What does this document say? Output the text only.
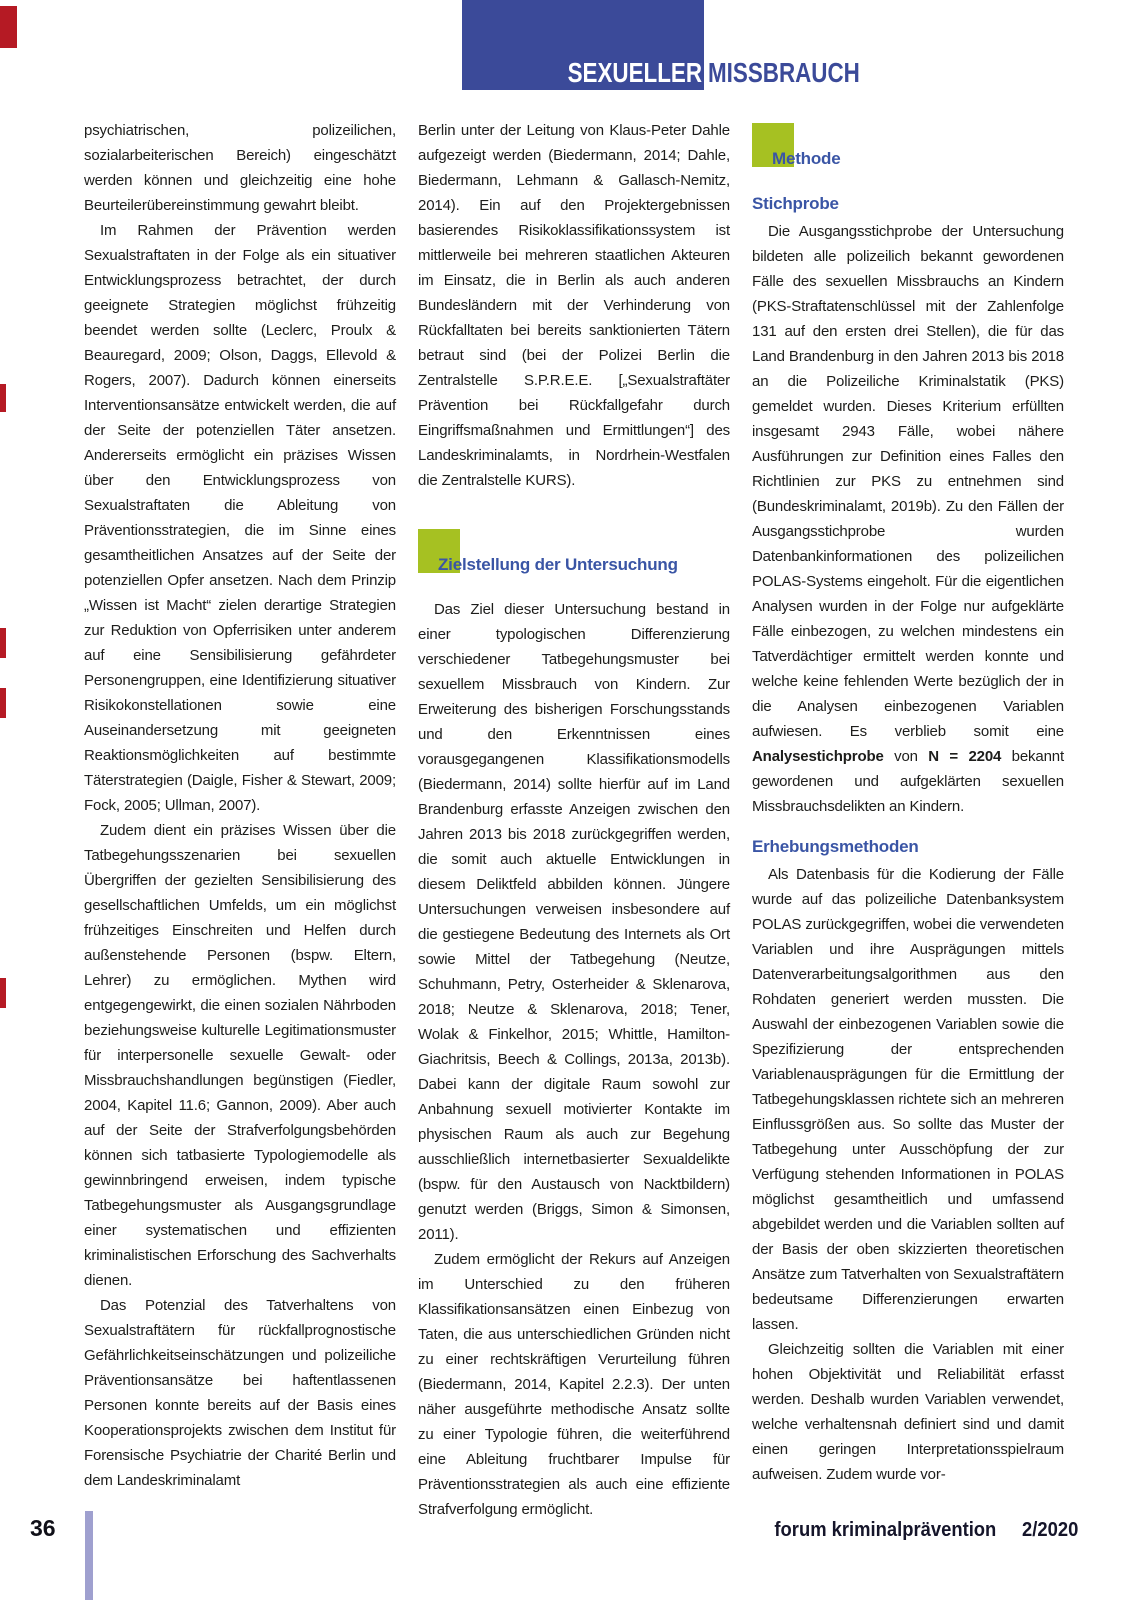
SEXUELLER MISSBRAUCH

psychiatrischen, polizeilichen, sozialarbeiterischen Bereich) eingeschätzt werden können und gleichzeitig eine hohe Beurteilerübereinstimmung gewahrt bleibt.

Im Rahmen der Prävention werden Sexualstraftaten in der Folge als ein situativer Entwicklungsprozess betrachtet, der durch geeignete Strategien möglichst frühzeitig beendet werden sollte (Leclerc, Proulx & Beauregard, 2009; Olson, Daggs, Ellevold & Rogers, 2007). Dadurch können einerseits Interventionsansätze entwickelt werden, die auf der Seite der potenziellen Täter ansetzen. Andererseits ermöglicht ein präzises Wissen über den Entwicklungsprozess von Sexualstraftaten die Ableitung von Präventionsstrategien, die im Sinne eines gesamtheitlichen Ansatzes auf der Seite der potenziellen Opfer ansetzen. Nach dem Prinzip „Wissen ist Macht“ zielen derartige Strategien zur Reduktion von Opferrisiken unter anderem auf eine Sensibilisierung gefährdeter Personengruppen, eine Identifizierung situativer Risikokonstellationen sowie eine Auseinandersetzung mit geeigneten Reaktionsmöglichkeiten auf bestimmte Täterstrategien (Daigle, Fisher & Stewart, 2009; Fock, 2005; Ullman, 2007).

Zudem dient ein präzises Wissen über die Tatbegehungsszenarien bei sexuellen Übergriffen der gezielten Sensibilisierung des gesellschaftlichen Umfelds, um ein möglichst frühzeitiges Einschreiten und Helfen durch außenstehende Personen (bspw. Eltern, Lehrer) zu ermöglichen. Mythen wird entgegengewirkt, die einen sozialen Nährboden beziehungsweise kulturelle Legitimationsmuster für interpersonelle sexuelle Gewalt- oder Missbrauchshandlungen begünstigen (Fiedler, 2004, Kapitel 11.6; Gannon, 2009). Aber auch auf der Seite der Strafverfolgungsbehörden können sich tatbasierte Typologiemodelle als gewinnbringend erweisen, indem typische Tatbegehungsmuster als Ausgangsgrundlage einer systematischen und effizienten kriminalistischen Erforschung des Sachverhalts dienen.

Das Potenzial des Tatverhaltens von Sexualstraftätern für rückfallprognostische Gefährlichkeitseinschätzungen und polizeiliche Präventionsansätze bei haftentlassenen Personen konnte bereits auf der Basis eines Kooperationsprojekts zwischen dem Institut für Forensische Psychiatrie der Charité Berlin und dem Landeskriminalamt

Berlin unter der Leitung von Klaus-Peter Dahle aufgezeigt werden (Biedermann, 2014; Dahle, Biedermann, Lehmann & Gallasch-Nemitz, 2014). Ein auf den Projektergebnissen basierendes Risikoklassifikationssystem ist mittlerweile bei mehreren staatlichen Akteuren im Einsatz, die in Berlin als auch anderen Bundesländern mit der Verhinderung von Rückfalltaten bei bereits sanktionierten Tätern betraut sind (bei der Polizei Berlin die Zentralstelle S.P.R.E.E. [„Sexualstraftäter Prävention bei Rückfallgefahr durch Eingriffsmaßnahmen und Ermittlungen“] des Landeskriminalamts, in Nordrhein-Westfalen die Zentralstelle KURS).

Zielstellung der Untersuchung

Das Ziel dieser Untersuchung bestand in einer typologischen Differenzierung verschiedener Tatbegehungsmuster bei sexuellem Missbrauch von Kindern. Zur Erweiterung des bisherigen Forschungsstands und den Erkenntnissen eines vorausgegangenen Klassifikationsmodells (Biedermann, 2014) sollte hierfür auf im Land Brandenburg erfasste Anzeigen zwischen den Jahren 2013 bis 2018 zurückgegriffen werden, die somit auch aktuelle Entwicklungen in diesem Deliktfeld abbilden können. Jüngere Untersuchungen verweisen insbesondere auf die gestiegene Bedeutung des Internets als Ort sowie Mittel der Tatbegehung (Neutze, Schuhmann, Petry, Osterheider & Sklenarova, 2018; Neutze & Sklenarova, 2018; Tener, Wolak & Finkelhor, 2015; Whittle, Hamilton-Giachritsis, Beech & Collings, 2013a, 2013b). Dabei kann der digitale Raum sowohl zur Anbahnung sexuell motivierter Kontakte im physischen Raum als auch zur Begehung ausschließlich internetbasierter Sexualdelikte (bspw. für den Austausch von Nacktbildern) genutzt werden (Briggs, Simon & Simonsen, 2011).

Zudem ermöglicht der Rekurs auf Anzeigen im Unterschied zu den früheren Klassifikationsansätzen einen Einbezug von Taten, die aus unterschiedlichen Gründen nicht zu einer rechtskräftigen Verurteilung führen (Biedermann, 2014, Kapitel 2.2.3). Der unten näher ausgeführte methodische Ansatz sollte zu einer Typologie führen, die weiterführend eine Ableitung fruchtbarer Impulse für Präventionsstrategien als auch eine effiziente Strafverfolgung ermöglicht.

Methode
Stichprobe

Die Ausgangsstichprobe der Untersuchung bildeten alle polizeilich bekannt gewordenen Fälle des sexuellen Missbrauchs an Kindern (PKS-Straftatenschlüssel mit der Zahlenfolge 131 auf den ersten drei Stellen), die für das Land Brandenburg in den Jahren 2013 bis 2018 an die Polizeiliche Kriminalstatik (PKS) gemeldet wurden. Dieses Kriterium erfüllten insgesamt 2943 Fälle, wobei nähere Ausführungen zur Definition eines Falles den Richtlinien zur PKS zu entnehmen sind (Bundeskriminalamt, 2019b). Zu den Fällen der Ausgangsstichprobe wurden Datenbankinformationen des polizeilichen POLAS-Systems eingeholt. Für die eigentlichen Analysen wurden in der Folge nur aufgeklärte Fälle einbezogen, zu welchen mindestens ein Tatverdächtiger ermittelt werden konnte und welche keine fehlenden Werte bezüglich der in die Analysen einbezogenen Variablen aufwiesen. Es verblieb somit eine Analysestichprobe von N = 2204 bekannt gewordenen und aufgeklärten sexuellen Missbrauchsdelikten an Kindern.

Erhebungsmethoden

Als Datenbasis für die Kodierung der Fälle wurde auf das polizeiliche Datenbanksystem POLAS zurückgegriffen, wobei die verwendeten Variablen und ihre Ausprägungen mittels Datenverarbeitungsalgorithmen aus den Rohdaten generiert werden mussten. Die Auswahl der einbezogenen Variablen sowie die Spezifizierung der entsprechenden Variablenausprägungen für die Ermittlung der Tatbegehungsklassen richtete sich an mehreren Einflussgrößen aus. So sollte das Muster der Tatbegehung unter Ausschöpfung der zur Verfügung stehenden Informationen in POLAS möglichst gesamtheitlich und umfassend abgebildet werden und die Variablen sollten auf der Basis der oben skizzierten theoretischen Ansätze zum Tatverhalten von Sexualstraftätern bedeutsame Differenzierungen erwarten lassen.

Gleichzeitig sollten die Variablen mit einer hohen Objektivität und Reliabilität erfasst werden. Deshalb wurden Variablen verwendet, welche verhaltensnah definiert sind und damit einen geringen Interpretationsspielraum aufweisen. Zudem wurde vor-

36	forum kriminalprävention 2/2020
